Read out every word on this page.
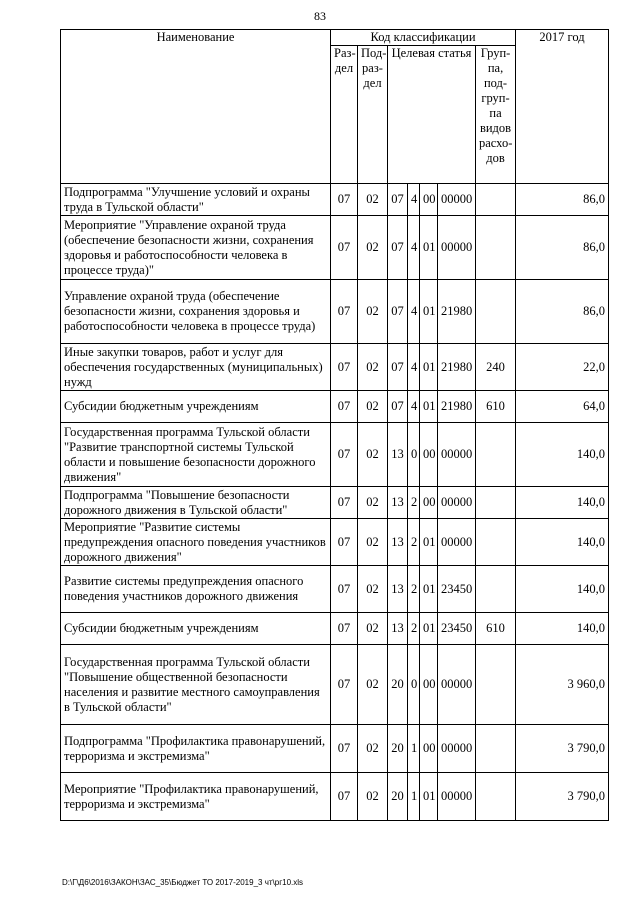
83
Наименование	Код классификации							2017 год
	Раз-дел	Под-раз-дел	Целевая статья				Груп-па, под-груп-па видов расхо-дов	
Подпрограмма "Улучшение условий и охраны труда в Тульской области"	07	02	07	4	00	00000		86,0
Мероприятие "Управление охраной труда (обеспечение безопасности жизни, сохранения здоровья и работоспособности человека в процессе труда)"	07	02	07	4	01	00000		86,0
Управление охраной труда (обеспечение безопасности жизни, сохранения здоровья и работоспособности человека в процессе труда)	07	02	07	4	01	21980		86,0
Иные закупки товаров, работ и услуг для обеспечения государственных (муниципальных) нужд	07	02	07	4	01	21980	240	22,0
Субсидии бюджетным учреждениям	07	02	07	4	01	21980	610	64,0
Государственная программа Тульской области "Развитие транспортной системы Тульской области и повышение безопасности дорожного движения"	07	02	13	0	00	00000		140,0
Подпрограмма "Повышение безопасности дорожного движения в Тульской области"	07	02	13	2	00	00000		140,0
Мероприятие "Развитие системы предупреждения опасного поведения участников дорожного движения"	07	02	13	2	01	00000		140,0
Развитие системы предупреждения опасного поведения участников дорожного движения	07	02	13	2	01	23450		140,0
Субсидии бюджетным учреждениям	07	02	13	2	01	23450	610	140,0
Государственная программа Тульской области "Повышение общественной безопасности населения и развитие местного самоуправления в Тульской области"	07	02	20	0	00	00000		3 960,0
Подпрограмма "Профилактика правонарушений, терроризма и экстремизма"	07	02	20	1	00	00000		3 790,0
Мероприятие "Профилактика правонарушений, терроризма и экстремизма"	07	02	20	1	01	00000		3 790,0
D:\Г\Д6\2016\ЗАКОН\ЗАС_35\Бюджет ТО 2017-2019_3 чт\рг10.xls
